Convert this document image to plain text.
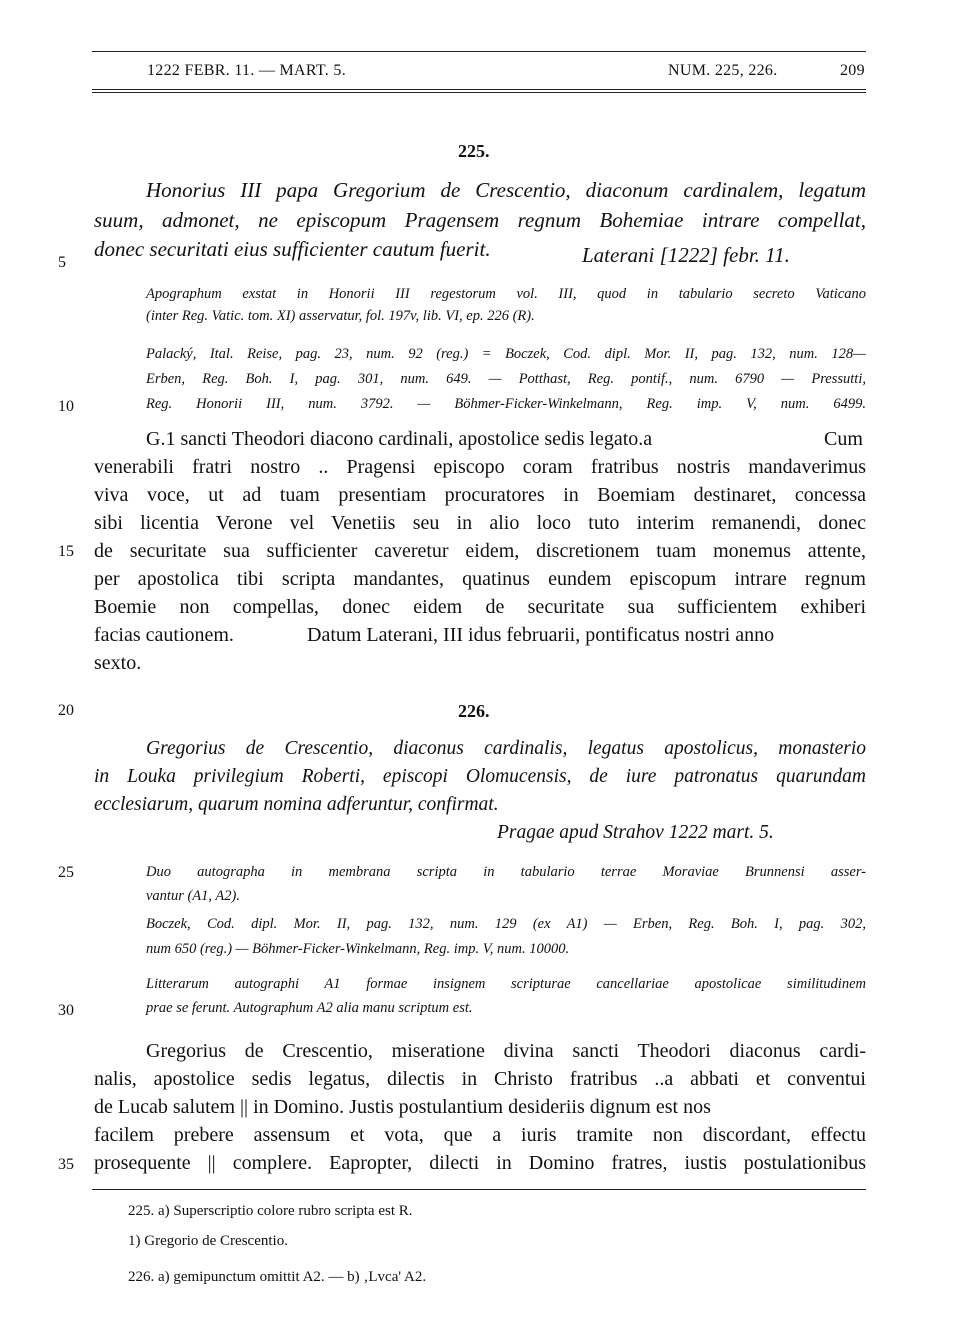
1222 FEBR. 11. — MART. 5.	NUM. 225, 226.	209
225.
Honorius III papa Gregorium de Crescentio, diaconum cardinalem, legatum
suum, admonet, ne episcopum Pragensem regnum Bohemiae intrare compellat,
donec securitati eius sufficienter cautum fuerit.	Laterani [1222] febr. 11.
Apographum exstat in Honorii III regestorum vol. III, quod in tabulario secreto Vaticano
(inter Reg. Vatic. tom. XI) asservatur, fol. 197v, lib. VI, ep. 226 (R).
Palacký, Ital. Reise, pag. 23, num. 92 (reg.) = Boczek, Cod. dipl. Mor. II, pag. 132, num. 128—
Erben, Reg. Boh. I, pag. 301, num. 649. — Potthast, Reg. pontif., num. 6790 — Pressutti,
Reg. Honorii III, num. 3792. — Böhmer-Ficker-Winkelmann, Reg. imp. V, num. 6499.
G.1 sancti Theodori diacono cardinali, apostolice sedis legato.a	Cum
venerabili fratri nostro .. Pragensi episcopo coram fratribus nostris mandaverimus
viva voce, ut ad tuam presentiam procuratores in Boemiam destinaret, concessa
sibi licentia Verone vel Venetiis seu in alio loco tuto interim remanendi, donec
de securitate sua sufficienter caveretur eidem, discretionem tuam monemus attente,
per apostolica tibi scripta mandantes, quatinus eundem episcopum intrare regnum
Boemie non compellas, donec eidem de securitate sua sufficientem exhiberi
facias cautionem.	Datum Laterani, III idus februarii, pontificatus nostri anno
sexto.
226.
Gregorius de Crescentio, diaconus cardinalis, legatus apostolicus, monasterio
in Louka privilegium Roberti, episcopi Olomucensis, de iure patronatus quarundam
ecclesiarum, quarum nomina adferuntur, confirmat.
Pragae apud Strahov 1222 mart. 5.
Duo autographa in membrana scripta in tabulario terrae Moraviae Brunnensi asser-
vantur (A1, A2).
Boczek, Cod. dipl. Mor. II, pag. 132, num. 129 (ex A1) — Erben, Reg. Boh. I, pag. 302,
num 650 (reg.) — Böhmer-Ficker-Winkelmann, Reg. imp. V, num. 10000.
Litterarum autographi A1 formae insignem scripturae cancellariae apostolicae similitudinem
prae se ferunt. Autographum A2 alia manu scriptum est.
Gregorius de Crescentio, miseratione divina sancti Theodori diaconus cardi-
nalis, apostolice sedis legatus, dilectis in Christo fratribus ..a abbati et conventui
de Lucab salutem || in Domino. Justis postulantium desideriis dignum est nos
facilem prebere assensum et vota, que a iuris tramite non discordant, effectu
prosequente || complere. Eapropter, dilecti in Domino fratres, iustis postulationibus
5
10
15
20
25
30
35
225. a) Superscriptio colore rubro scripta est R.
1) Gregorio de Crescentio.
226. a) gemipunctum omittit A2. — b) ‚Lvca' A2.
